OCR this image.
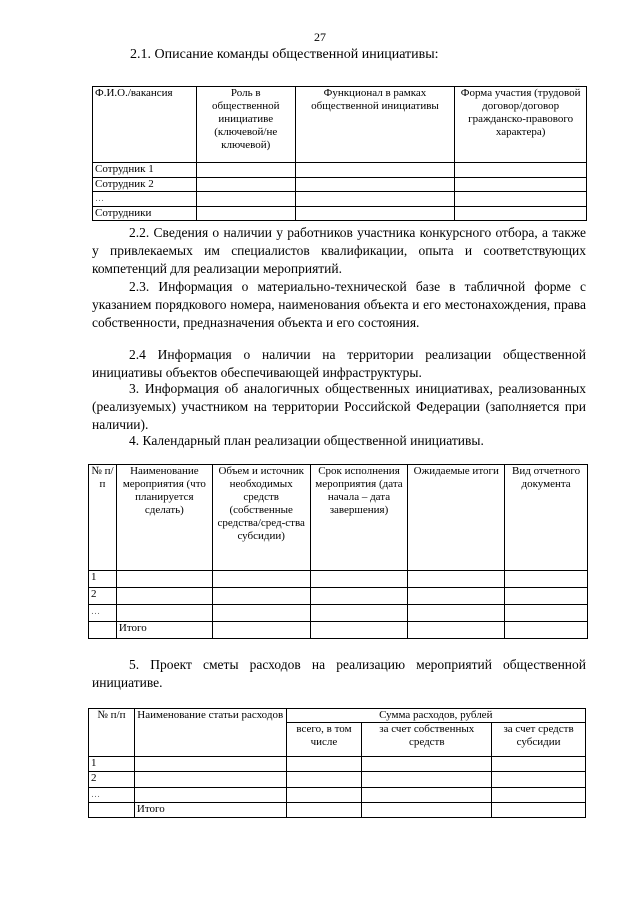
27

2.1. Описание команды общественной инициативы:

Ф.И.О./вакансия	Роль в общественной инициативе (ключевой/не ключевой)	Функционал в рамках общественной инициативы	Форма участия (трудовой договор/договор гражданско-правового характера)
Сотрудник 1			
Сотрудник 2			
…			
Сотрудники			

2.2. Сведения о наличии у работников участника конкурсного отбора, а также у привлекаемых им специалистов квалификации, опыта и соответствующих компетенций для реализации мероприятий.

2.3. Информация о материально-технической базе в табличной форме с указанием порядкового номера, наименования объекта и его местонахождения, права собственности, предназначения объекта и его состояния.

2.4 Информация о наличии на территории реализации общественной инициативы объектов обеспечивающей инфраструктуры.

3. Информация об аналогичных общественных инициативах, реализованных (реализуемых) участником на территории Российской Федерации (заполняется при наличии).

4. Календарный план реализации общественной инициативы.

№ п/п	Наименование мероприятия (что планируется сделать)	Объем и источник необходимых средств (собственные средства/сред-ства субсидии)	Срок исполнения мероприятия (дата начала – дата завершения)	Ожидаемые итоги	Вид отчетного документа
1					
2					
…					
	Итого				

5. Проект сметы расходов на реализацию мероприятий общественной инициативе.

№ п/п	Наименование статьи расходов	Сумма расходов, рублей		
		всего, в том числе	за счет собственных средств	за счет средств субсидии
1				
2				
…				
	Итого			
